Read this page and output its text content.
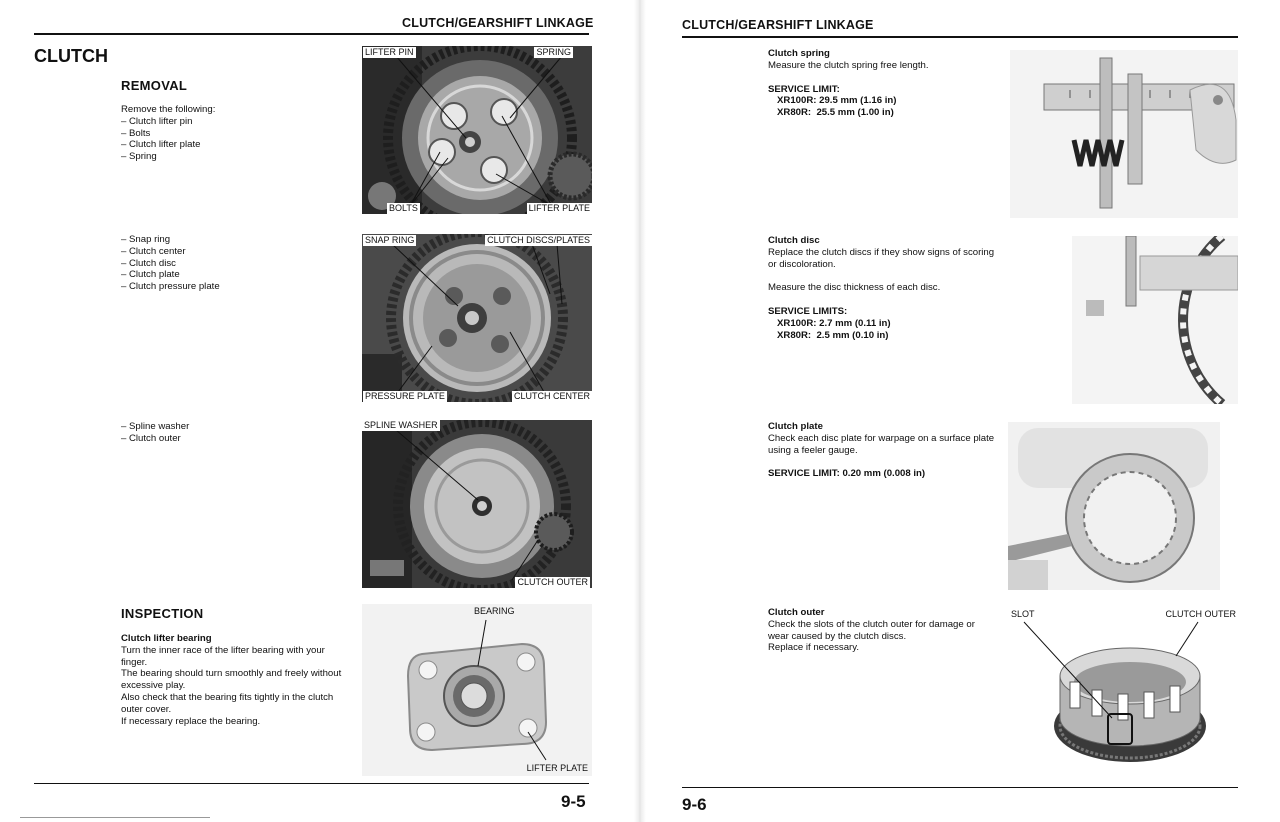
CLUTCH/GEARSHIFT LINKAGE
CLUTCH
REMOVAL
Remove the following:
– Clutch lifter pin
– Bolts
– Clutch lifter plate
– Spring
– Snap ring
– Clutch center
– Clutch disc
– Clutch plate
– Clutch pressure plate
– Spline washer
– Clutch outer
INSPECTION
Clutch lifter bearing
Turn the inner race of the lifter bearing with your
finger.
The bearing should turn smoothly and freely without
excessive play.
Also check that the bearing fits tightly in the clutch
outer cover.
If necessary replace the bearing.
LIFTER PIN	SPRING
BOLTS	LIFTER PLATE
SNAP RING	CLUTCH DISCS/PLATES
PRESSURE PLATE	CLUTCH CENTER
SPLINE WASHER
CLUTCH OUTER
BEARING
LIFTER PLATE
9-5
CLUTCH/GEARSHIFT LINKAGE
Clutch spring
Measure the clutch spring free length.
SERVICE LIMIT:
XR100R: 29.5 mm (1.16 in)
XR80R:  25.5 mm (1.00 in)
Clutch disc
Replace the clutch discs if they show signs of scoring
or discoloration.
Measure the disc thickness of each disc.
SERVICE LIMITS:
XR100R: 2.7 mm (0.11 in)
XR80R:  2.5 mm (0.10 in)
Clutch plate
Check each disc plate for warpage on a surface plate
using a feeler gauge.
SERVICE LIMIT: 0.20 mm (0.008 in)
Clutch outer
Check the slots of the clutch outer for damage or
wear caused by the clutch discs.
Replace if necessary.
SLOT	CLUTCH OUTER
9-6
